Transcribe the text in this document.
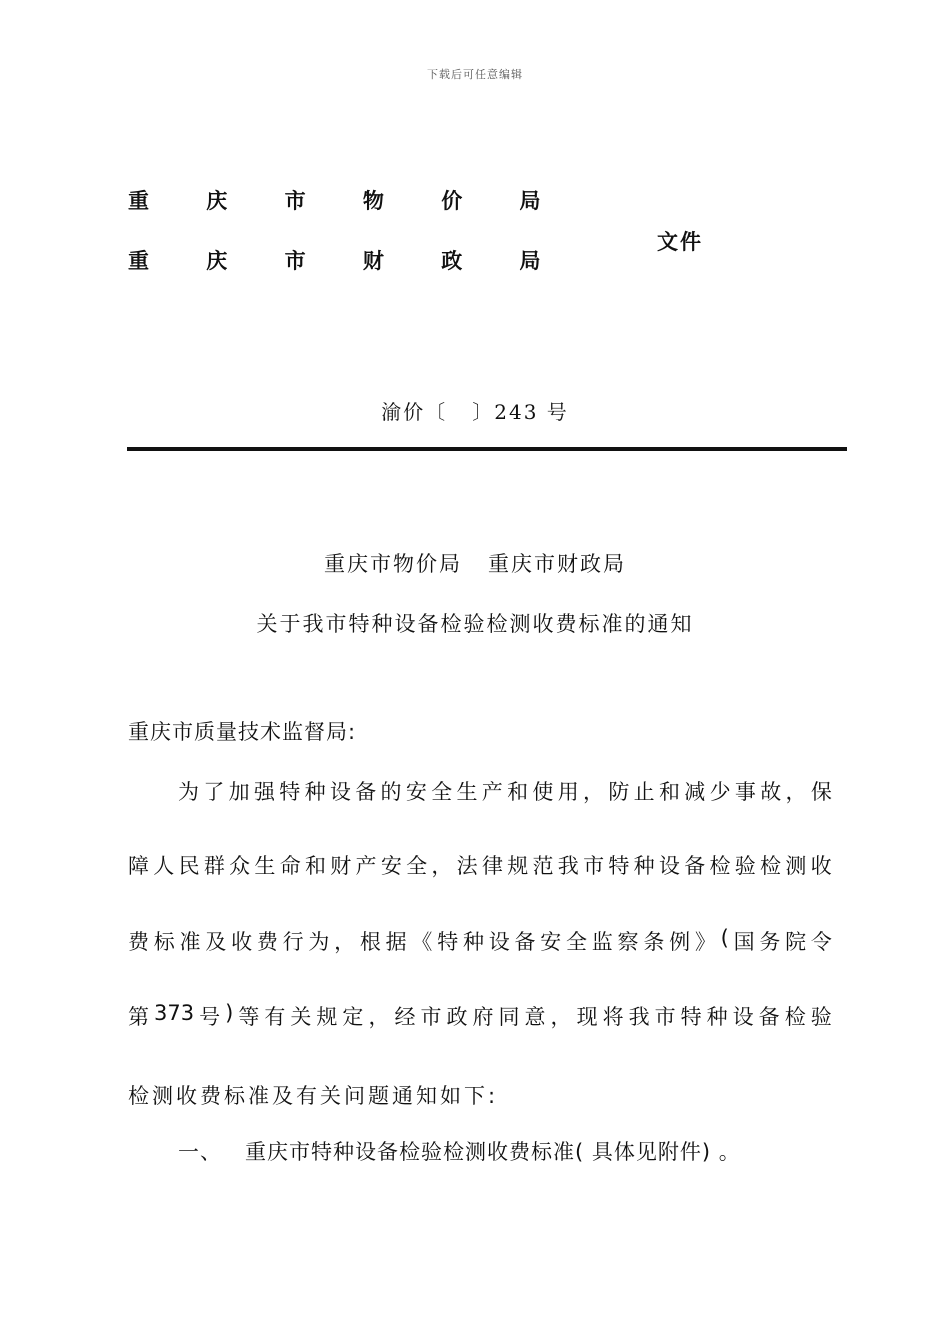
下载后可任意编辑
重 庆 市 物 价 局
重 庆 市 财 政 局
文件
渝价〔   〕243 号
重庆市物价局   重庆市财政局
关于我市特种设备检验检测收费标准的通知
重庆市质量技术监督局:
为 了 加 强 特 种 设 备 的 安 全 生 产 和 使 用 ， 防 止 和 减 少 事 故 ， 保
障 人 民 群 众 生 命 和 财 产 安 全 ， 法 律 规 范 我 市 特 种 设 备 检 验 检 测 收
费 标 准 及 收 费 行 为 ， 根 据 《 特 种 设 备 安 全 监 察 条 例 》 ( 国 务 院 令
第 373 号 ) 等 有 关 规 定 ， 经 市 政 府 同 意 ， 现 将 我 市 特 种 设 备 检 验
检测收费标准及有关问题通知如下:
一、   重庆市特种设备检验检测收费标准( 具体见附件) 。
